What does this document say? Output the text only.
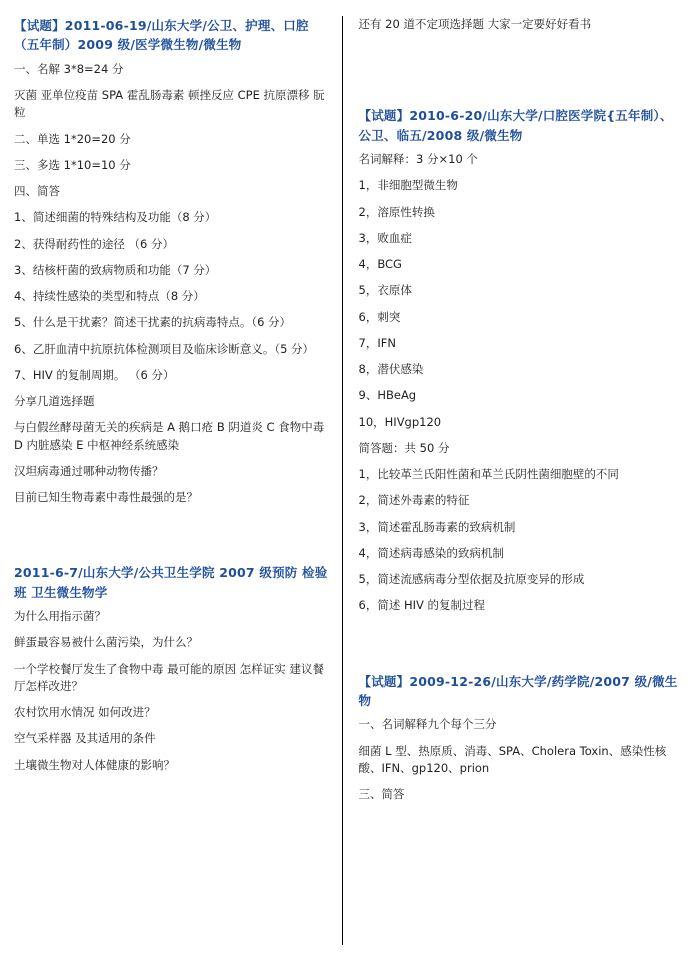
【试题】2011-06-19/山东大学/公卫、护理、口腔（五年制）2009 级/医学微生物/微生物

一、名解 3*8=24 分

灭菌 亚单位疫苗 SPA 霍乱肠毒素 顿挫反应 CPE 抗原漂移 朊粒

二、单选 1*20=20 分

三、多选 1*10=10 分

四、简答

1、简述细菌的特殊结构及功能（8 分）

2、获得耐药性的途径 （6 分）

3、结核杆菌的致病物质和功能（7 分）

4、持续性感染的类型和特点（8 分）

5、什么是干扰素？简述干扰素的抗病毒特点。（6 分）

6、乙肝血清中抗原抗体检测项目及临床诊断意义。（5 分）

7、HIV 的复制周期。 （6 分）

分享几道选择题

与白假丝酵母菌无关的疾病是 A 鹅口疮 B 阴道炎 C 食物中毒 D 内脏感染 E 中枢神经系统感染

汉坦病毒通过哪种动物传播？

目前已知生物毒素中毒性最强的是？

2011-6-7/山东大学/公共卫生学院 2007 级预防 检验班 卫生微生物学

为什么用指示菌？

鲜蛋最容易被什么菌污染，为什么？

一个学校餐厅发生了食物中毒 最可能的原因 怎样证实 建议餐厅怎样改进？

农村饮用水情况 如何改进？

空气采样器 及其适用的条件

土壤微生物对人体健康的影响？

还有 20 道不定项选择题 大家一定要好好看书

【试题】2010-6-20/山东大学/口腔医学院{五年制）、公卫、临五/2008 级/微生物

名词解释：3 分×10 个

1，非细胞型微生物

2，溶原性转换

3，败血症

4，BCG

5，衣原体

6，刺突

7，IFN

8，潜伏感染

9、HBeAg

10，HIVgp120

简答题：共 50 分

1，比较革兰氏阳性菌和革兰氏阴性菌细胞壁的不同

2，简述外毒素的特征

3，简述霍乱肠毒素的致病机制

4，简述病毒感染的致病机制

5，简述流感病毒分型依据及抗原变异的形成

6，简述 HIV 的复制过程

【试题】2009-12-26/山东大学/药学院/2007 级/微生物

一、名词解释九个每个三分

细菌 L 型、热原质、消毒、SPA、Cholera Toxin、感染性核酸、IFN、gp120、prion

三、简答
